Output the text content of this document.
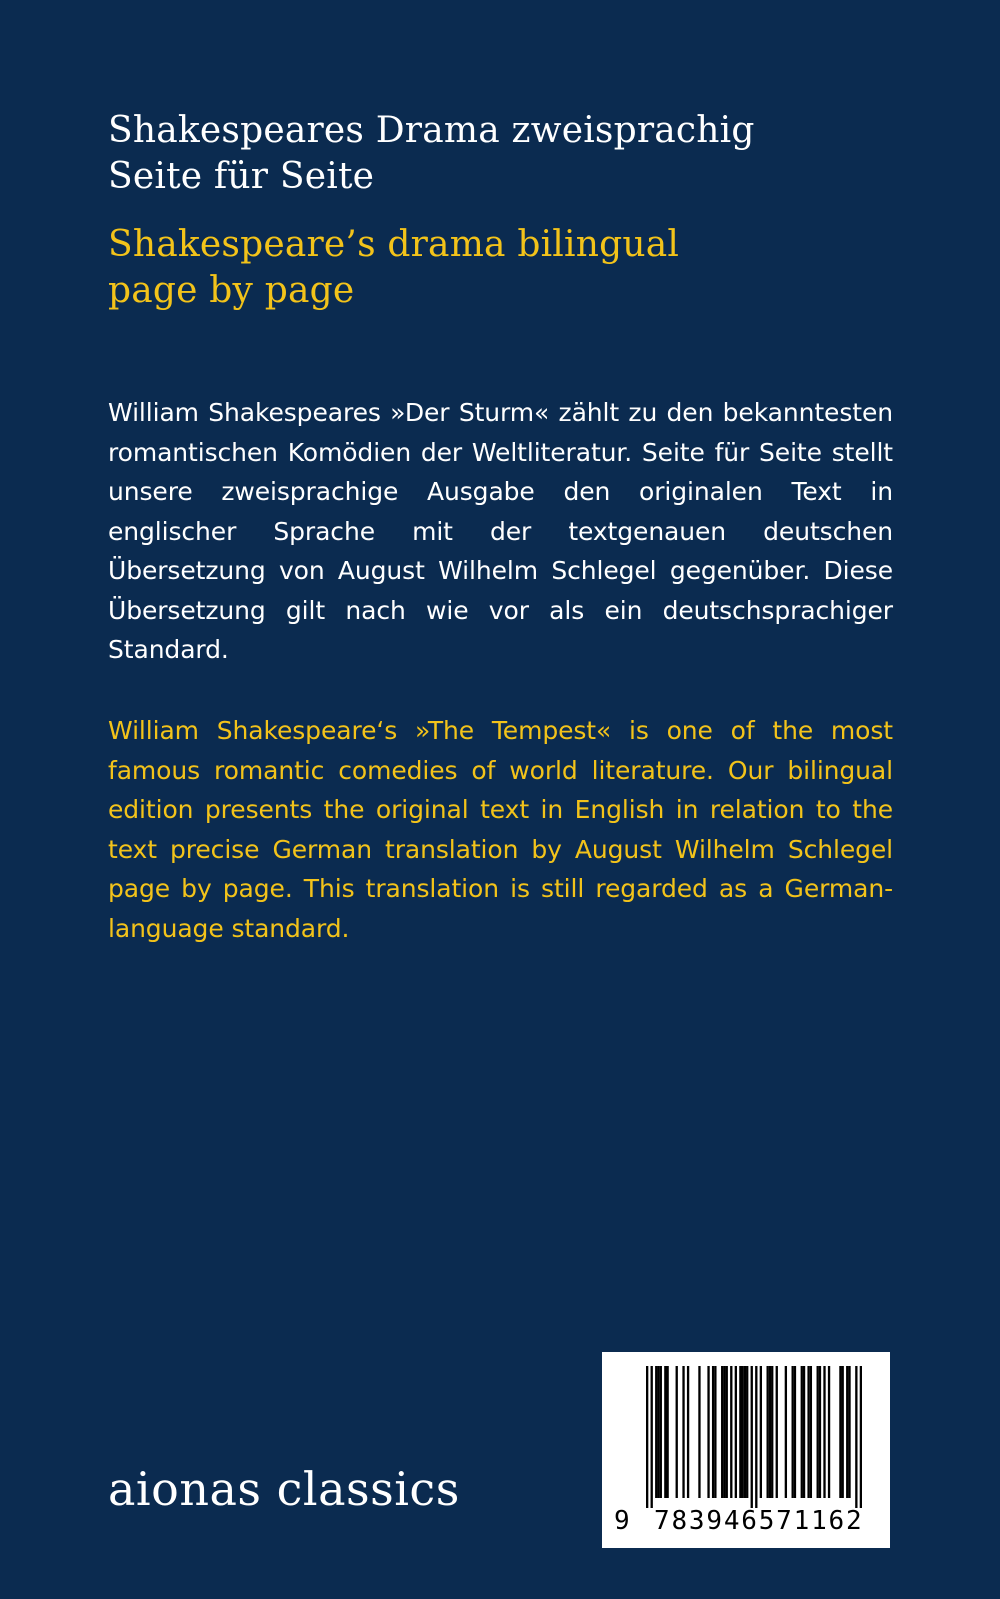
Shakespeares Drama zweisprachig
Seite für Seite
Shakespeare’s drama bilingual
page by page

William Shakespeares »Der Sturm« zählt zu den bekanntesten romantischen Komödien der Weltliteratur. Seite für Seite stellt unsere zweisprachige Ausgabe den originalen Text in englischer Sprache mit der textgenauen deutschen Übersetzung von August Wilhelm Schlegel gegenüber. Diese Übersetzung gilt nach wie vor als ein deutschsprachiger Standard.

William Shakespeare‘s »The Tempest« is one of the most famous romantic comedies of world literature. Our bilingual edition presents the original text in English in relation to the text precise German translation by August Wilhelm Schlegel page by page. This translation is still regarded as a German-language standard.

aionas classics
9 783946571162
